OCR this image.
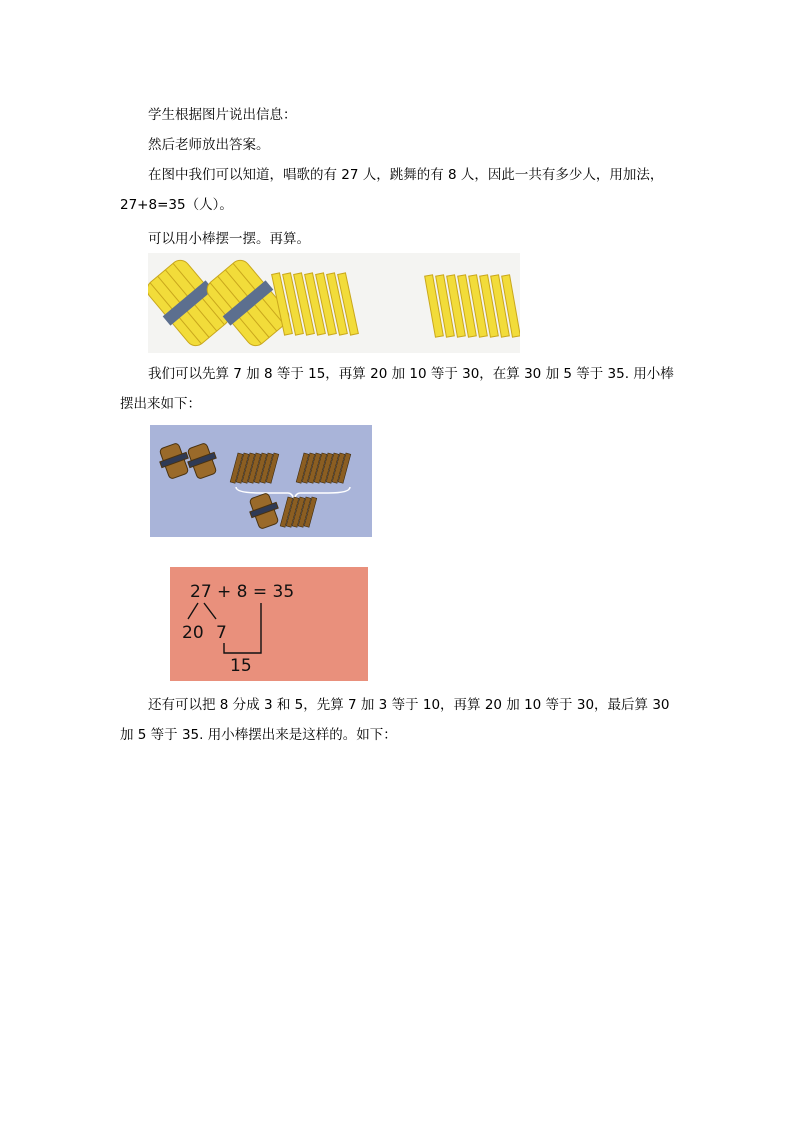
学生根据图片说出信息：

然后老师放出答案。

在图中我们可以知道，唱歌的有 27 人，跳舞的有 8 人，因此一共有多少人，用加法，27+8=35（人）。

可以用小棒摆一摆。再算。

我们可以先算 7 加 8 等于 15，再算 20 加 10 等于 30，在算 30 加 5 等于 35. 用小棒摆出来如下：

27 + 8 = 35
20 7
15

还有可以把 8 分成 3 和 5，先算 7 加 3 等于 10，再算 20 加 10 等于 30，最后算 30 加 5 等于 35. 用小棒摆出来是这样的。如下：
